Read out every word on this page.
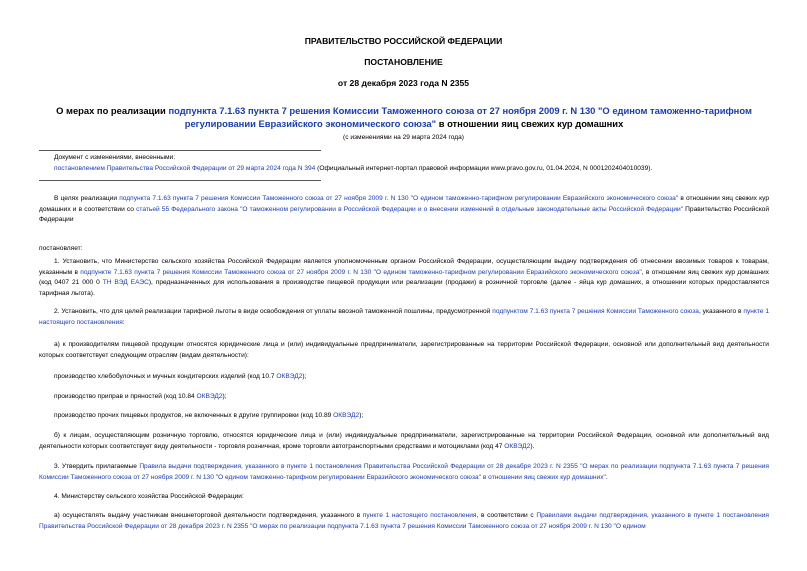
ПРАВИТЕЛЬСТВО РОССИЙСКОЙ ФЕДЕРАЦИИ
ПОСТАНОВЛЕНИЕ
от 28 декабря 2023 года N 2355
О мерах по реализации подпункта 7.1.63 пункта 7 решения Комиссии Таможенного союза от 27 ноября 2009 г. N 130 "О едином таможенно-тарифном регулировании Евразийского экономического союза" в отношении яиц свежих кур домашних
(с изменениями на 29 марта 2024 года)
Документ с изменениями, внесенными:
постановлением Правительства Российской Федерации от 29 марта 2024 года N 394 (Официальный интернет-портал правовой информации www.pravo.gov.ru, 01.04.2024, N 0001202404010039).
В целях реализации подпункта 7.1.63 пункта 7 решения Комиссии Таможенного союза от 27 ноября 2009 г. N 130 "О едином таможенно-тарифном регулировании Евразийского экономического союза" в отношении яиц свежих кур домашних и в соответствии со статьей 55 Федерального закона "О таможенном регулировании в Российской Федерации и о внесении изменений в отдельные законодательные акты Российской Федерации" Правительство Российской Федерации
постановляет:
1. Установить, что Министерство сельского хозяйства Российской Федерации является уполномоченным органом Российской Федерации, осуществляющим выдачу подтверждения об отнесении ввозимых товаров к товарам, указанным в подпункте 7.1.63 пункта 7 решения Комиссии Таможенного союза от 27 ноября 2009 г. N 130 "О едином таможенно-тарифном регулировании Евразийского экономического союза", в отношении яиц свежих кур домашних (код 0407 21 000 0 ТН ВЭД ЕАЭС), предназначенных для использования в производстве пищевой продукции или реализации (продажи) в розничной торговле (далее - яйца кур домашних, в отношении которых предоставляется тарифная льгота).
2. Установить, что для целей реализации тарифной льготы в виде освобождения от уплаты ввозной таможенной пошлины, предусмотренной подпунктом 7.1.63 пункта 7 решения Комиссии Таможенного союза, указанного в пункте 1 настоящего постановления:
а) к производителям пищевой продукции относятся юридические лица и (или) индивидуальные предприниматели, зарегистрированные на территории Российской Федерации, основной или дополнительный вид деятельности которых соответствует следующим отраслям (видам деятельности):
производство хлебобулочных и мучных кондитерских изделий (код 10.7 ОКВЭД2);
производство приправ и пряностей (код 10.84 ОКВЭД2);
производство прочих пищевых продуктов, не включенных в другие группировки (код 10.89 ОКВЭД2);
б) к лицам, осуществляющим розничную торговлю, относятся юридические лица и (или) индивидуальные предприниматели, зарегистрированные на территории Российской Федерации, основной или дополнительный вид деятельности которых соответствует виду деятельности - торговля розничная, кроме торговли автотранспортными средствами и мотоциклами (код 47 ОКВЭД2).
3. Утвердить прилагаемые Правила выдачи подтверждения, указанного в пункте 1 постановления Правительства Российской Федерации от 28 декабря 2023 г. N 2355 "О мерах по реализации подпункта 7.1.63 пункта 7 решения Комиссии Таможенного союза от 27 ноября 2009 г. N 130 "О едином таможенно-тарифном регулировании Евразийского экономического союза" в отношении яиц свежих кур домашних".
4. Министерству сельского хозяйства Российской Федерации:
а) осуществлять выдачу участникам внешнеторговой деятельности подтверждения, указанного в пункте 1 настоящего постановления, в соответствии с Правилами выдачи подтверждения, указанного в пункте 1 постановления Правительства Российской Федерации от 28 декабря 2023 г. N 2355 "О мерах по реализации подпункта 7.1.63 пункта 7 решения Комиссии Таможенного союза от 27 ноября 2009 г. N 130 "О едином
